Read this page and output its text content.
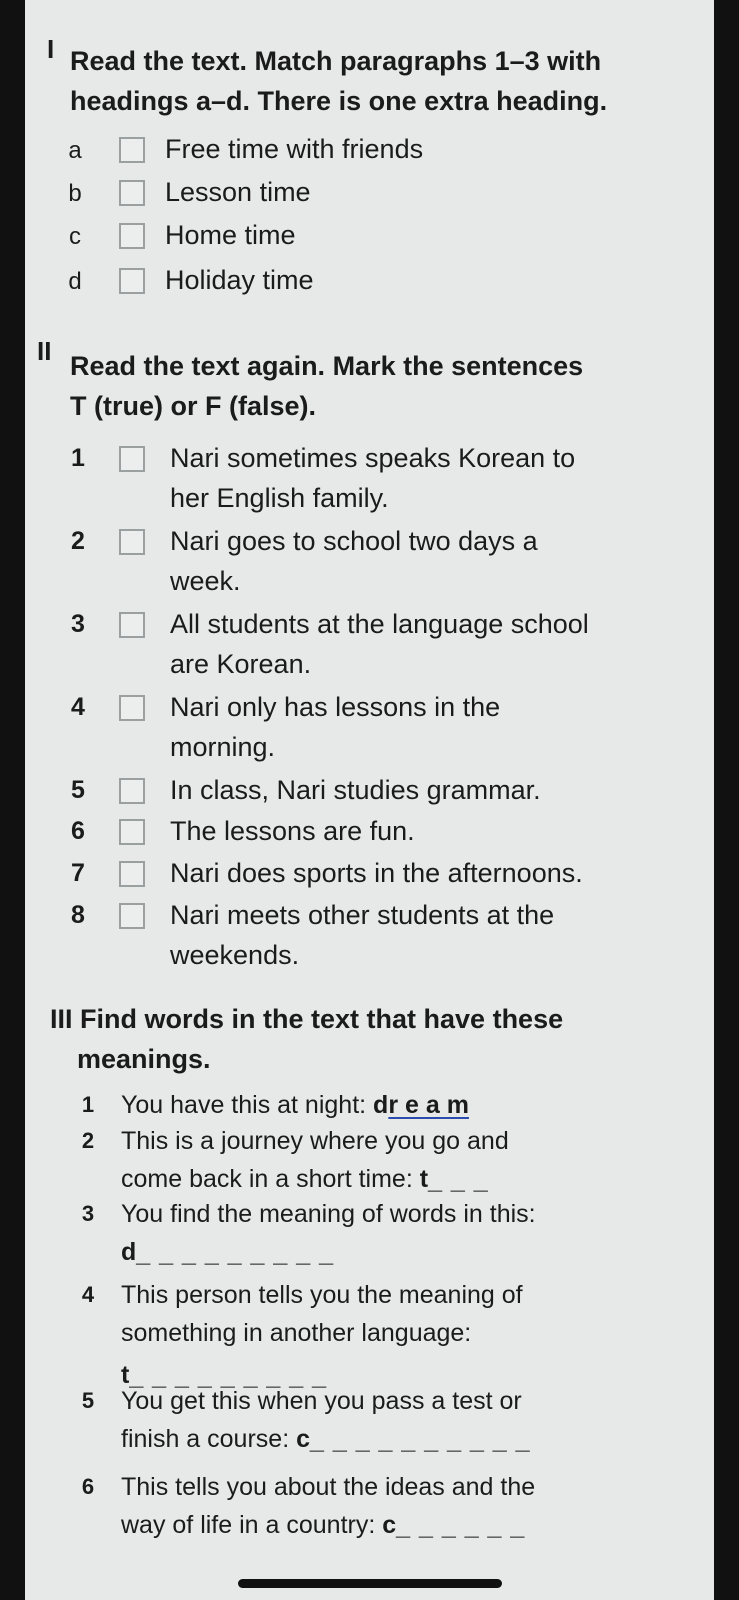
I Read the text. Match paragraphs 1–3 with
headings a–d. There is one extra heading.
a	Free time with friends
b	Lesson time
c	Home time
d	Holiday time
II Read the text again. Mark the sentences
T (true) or F (false).
1	Nari sometimes speaks Korean to
her English family.
2	Nari goes to school two days a
week.
3	All students at the language school
are Korean.
4	Nari only has lessons in the
morning.
5	In class, Nari studies grammar.
6	The lessons are fun.
7	Nari does sports in the afternoons.
8	Nari meets other students at the
weekends.
III Find words in the text that have these
meanings.
1	You have this at night: dr e a m
2	This is a journey where you go and
come back in a short time: t_ _ _
3	You find the meaning of words in this:
d_ _ _ _ _ _ _ _ _
4	This person tells you the meaning of
something in another language:
t_ _ _ _ _ _ _ _ _
5	You get this when you pass a test or
finish a course: c_ _ _ _ _ _ _ _ _ _
6	This tells you about the ideas and the
way of life in a country: c_ _ _ _ _ _
